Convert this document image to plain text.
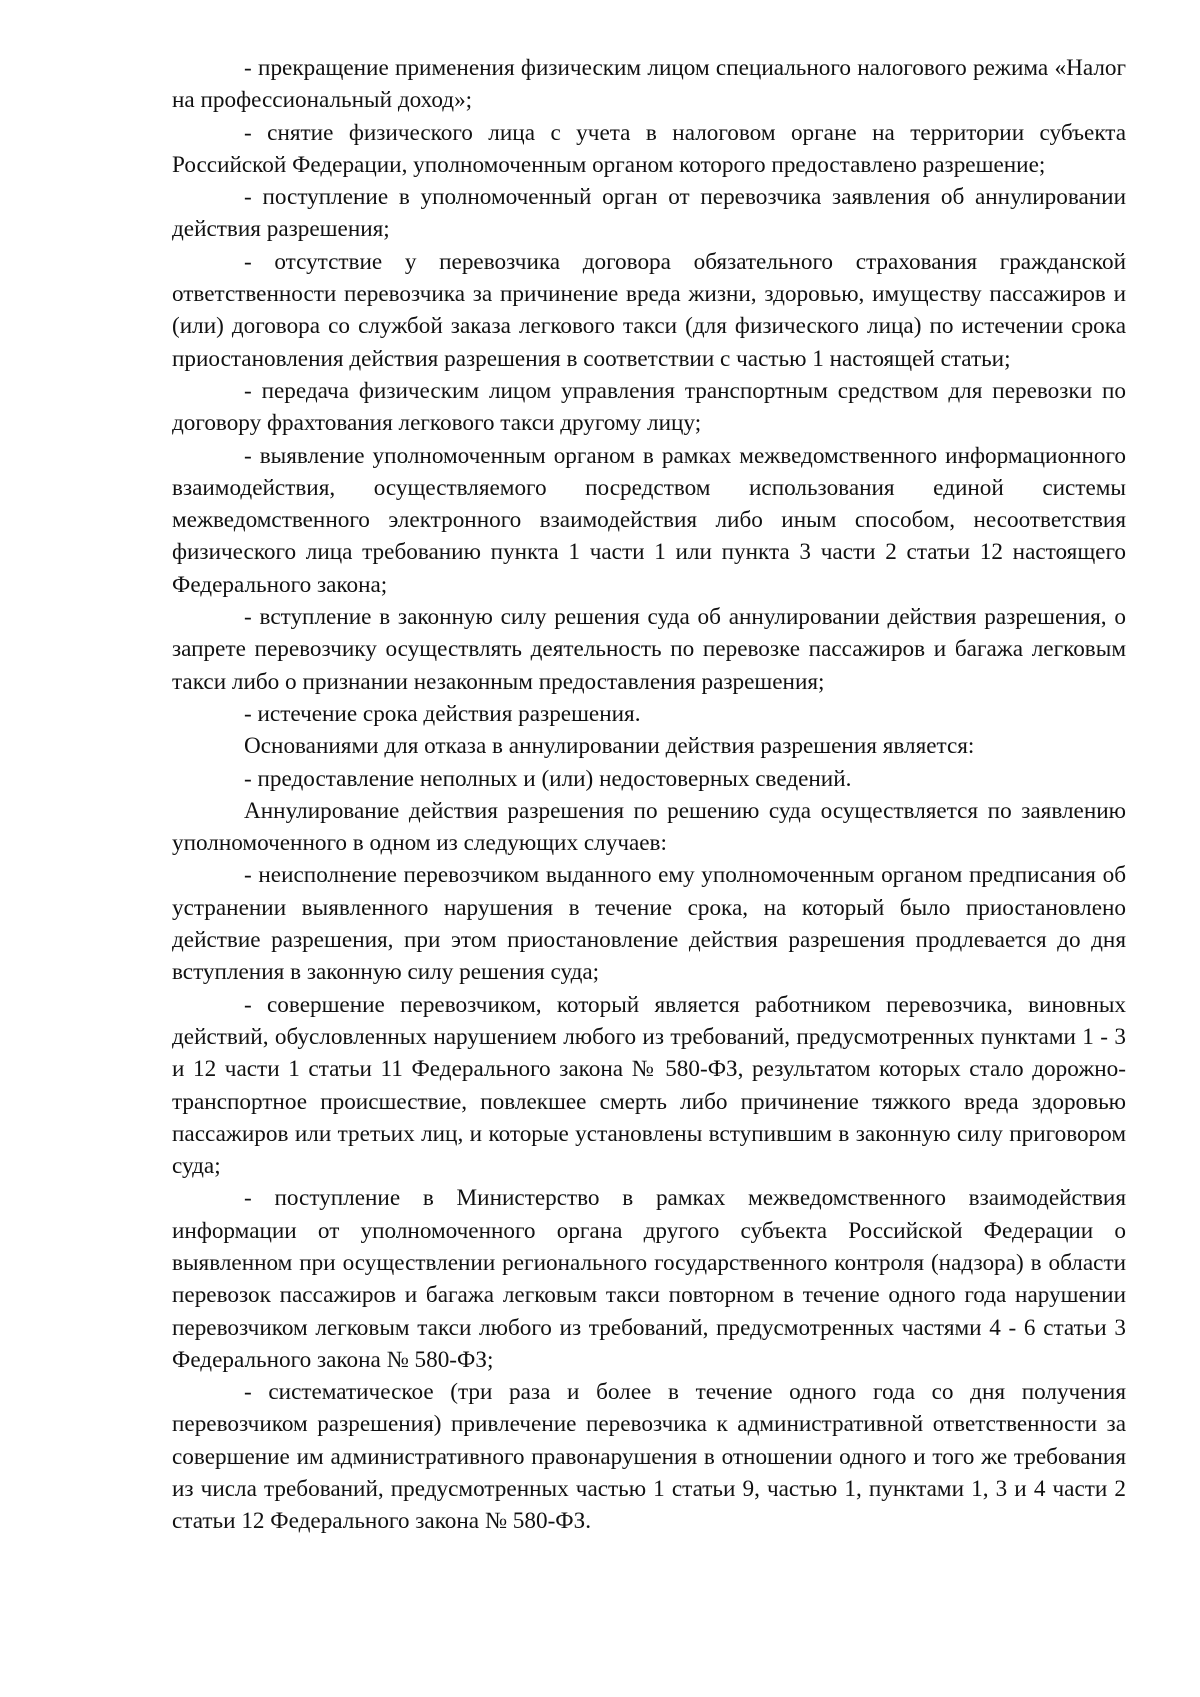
- прекращение применения физическим лицом специального налогового режима «Налог на профессиональный доход»;

- снятие физического лица с учета в налоговом органе на территории субъекта Российской Федерации, уполномоченным органом которого предоставлено разрешение;

- поступление в уполномоченный орган от перевозчика заявления об аннулировании действия разрешения;

- отсутствие у перевозчика договора обязательного страхования гражданской ответственности перевозчика за причинение вреда жизни, здоровью, имуществу пассажиров и (или) договора со службой заказа легкового такси (для физического лица) по истечении срока приостановления действия разрешения в соответствии с частью 1 настоящей статьи;

- передача физическим лицом управления транспортным средством для перевозки по договору фрахтования легкового такси другому лицу;

- выявление уполномоченным органом в рамках межведомственного информационного взаимодействия, осуществляемого посредством использования единой системы межведомственного электронного взаимодействия либо иным способом, несоответствия физического лица требованию пункта 1 части 1 или пункта 3 части 2 статьи 12 настоящего Федерального закона;

- вступление в законную силу решения суда об аннулировании действия разрешения, о запрете перевозчику осуществлять деятельность по перевозке пассажиров и багажа легковым такси либо о признании незаконным предоставления разрешения;

- истечение срока действия разрешения.

Основаниями для отказа в аннулировании действия разрешения является:

- предоставление неполных и (или) недостоверных сведений.

Аннулирование действия разрешения по решению суда осуществляется по заявлению уполномоченного в одном из следующих случаев:

- неисполнение перевозчиком выданного ему уполномоченным органом предписания об устранении выявленного нарушения в течение срока, на который было приостановлено действие разрешения, при этом приостановление действия разрешения продлевается до дня вступления в законную силу решения суда;

- совершение перевозчиком, который является работником перевозчика, виновных действий, обусловленных нарушением любого из требований, предусмотренных пунктами 1 - 3 и 12 части 1 статьи 11 Федерального закона № 580-ФЗ, результатом которых стало дорожно-транспортное происшествие, повлекшее смерть либо причинение тяжкого вреда здоровью пассажиров или третьих лиц, и которые установлены вступившим в законную силу приговором суда;

- поступление в Министерство в рамках межведомственного взаимодействия информации от уполномоченного органа другого субъекта Российской Федерации о выявленном при осуществлении регионального государственного контроля (надзора) в области перевозок пассажиров и багажа легковым такси повторном в течение одного года нарушении перевозчиком легковым такси любого из требований, предусмотренных частями 4 - 6 статьи 3 Федерального закона № 580-ФЗ;

- систематическое (три раза и более в течение одного года со дня получения перевозчиком разрешения) привлечение перевозчика к административной ответственности за совершение им административного правонарушения в отношении одного и того же требования из числа требований, предусмотренных частью 1 статьи 9, частью 1, пунктами 1, 3 и 4 части 2 статьи 12 Федерального закона № 580-ФЗ.
